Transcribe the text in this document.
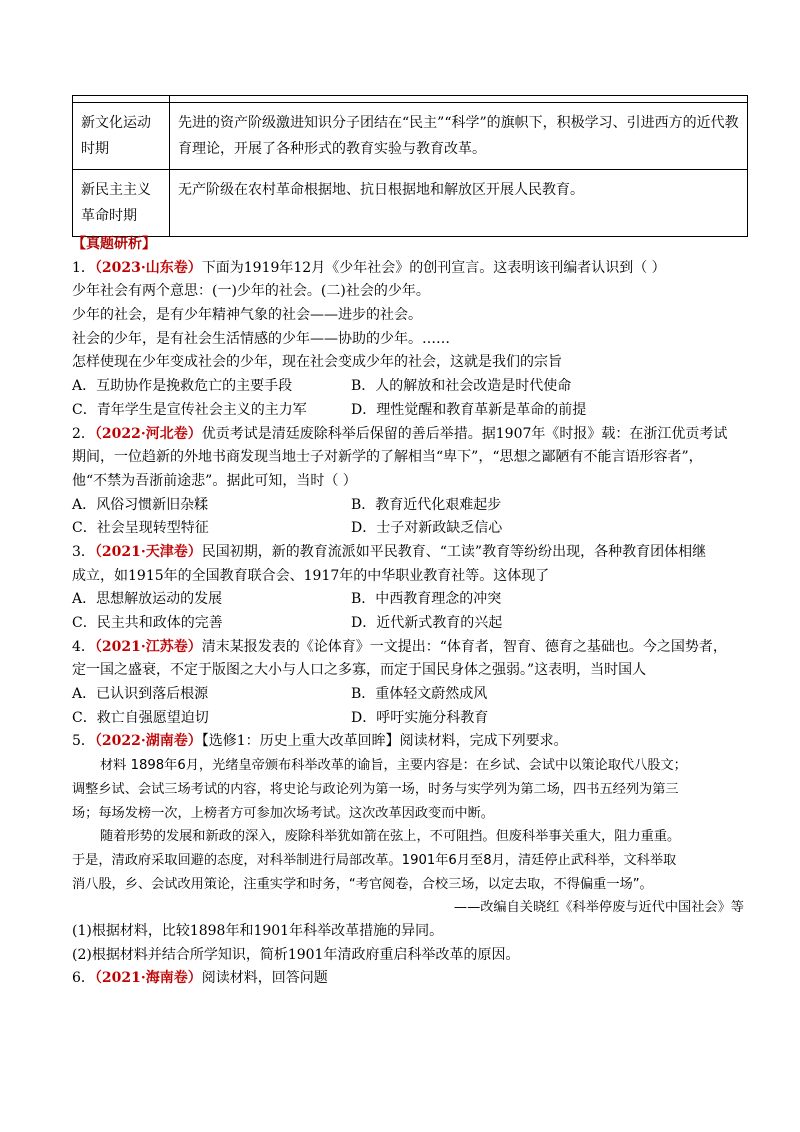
新文化运动时期	先进的资产阶级激进知识分子团结在“民主”“科学”的旗帜下，积极学习、引进西方的近代教育理论，开展了各种形式的教育实验与教育改革。
新民主主义革命时期	无产阶级在农村革命根据地、抗日根据地和解放区开展人民教育。
【真题研析】
1．（2023·山东卷）下面为1919年12月《少年社会》的创刊宣言。这表明该刊编者认识到（ ）
少年社会有两个意思：(一)少年的社会。(二)社会的少年。
少年的社会，是有少年精神气象的社会——进步的社会。
社会的少年，是有社会生活情感的少年——协助的少年。……
怎样使现在少年变成社会的少年，现在社会变成少年的社会，这就是我们的宗旨
A．互助协作是挽救危亡的主要手段	B．人的解放和社会改造是时代使命
C．青年学生是宣传社会主义的主力军	D．理性觉醒和教育革新是革命的前提
2．（2022·河北卷）优贡考试是清廷废除科举后保留的善后举措。据1907年《时报》载：在浙江优贡考试
期间，一位趋新的外地书商发现当地士子对新学的了解相当“卑下”，“思想之鄙陋有不能言语形容者”，
他“不禁为吾浙前途悲”。据此可知，当时（ ）
A．风俗习惯新旧杂糅	B．教育近代化艰难起步
C．社会呈现转型特征	D．士子对新政缺乏信心
3．（2021·天津卷）民国初期，新的教育流派如平民教育、“工读”教育等纷纷出现，各种教育团体相继
成立，如1915年的全国教育联合会、1917年的中华职业教育社等。这体现了
A．思想解放运动的发展	B．中西教育理念的冲突
C．民主共和政体的完善	D．近代新式教育的兴起
4．（2021·江苏卷）清末某报发表的《论体育》一文提出：“体育者，智育、德育之基础也。今之国势者，
定一国之盛衰，不定于版图之大小与人口之多寡，而定于国民身体之强弱。”这表明，当时国人
A．已认识到落后根源	B．重体轻文蔚然成风
C．救亡自强愿望迫切	D．呼吁实施分科教育
5．（2022·湖南卷）【选修1：历史上重大改革回眸】阅读材料，完成下列要求。
材料 1898年6月，光绪皇帝颁布科举改革的谕旨，主要内容是：在乡试、会试中以策论取代八股文；
调整乡试、会试三场考试的内容，将史论与政论列为第一场，时务与实学列为第二场，四书五经列为第三
场；每场发榜一次，上榜者方可参加次场考试。这次改革因政变而中断。
随着形势的发展和新政的深入，废除科举犹如箭在弦上，不可阻挡。但废科举事关重大，阻力重重。
于是，清政府采取回避的态度，对科举制进行局部改革。1901年6月至8月，清廷停止武科举，文科举取
消八股，乡、会试改用策论，注重实学和时务，“考官阅卷，合校三场，以定去取，不得偏重一场”。
——改编自关晓红《科举停废与近代中国社会》等
(1)根据材料，比较1898年和1901年科举改革措施的异同。
(2)根据材料并结合所学知识，简析1901年清政府重启科举改革的原因。
6．（2021·海南卷）阅读材料，回答问题
